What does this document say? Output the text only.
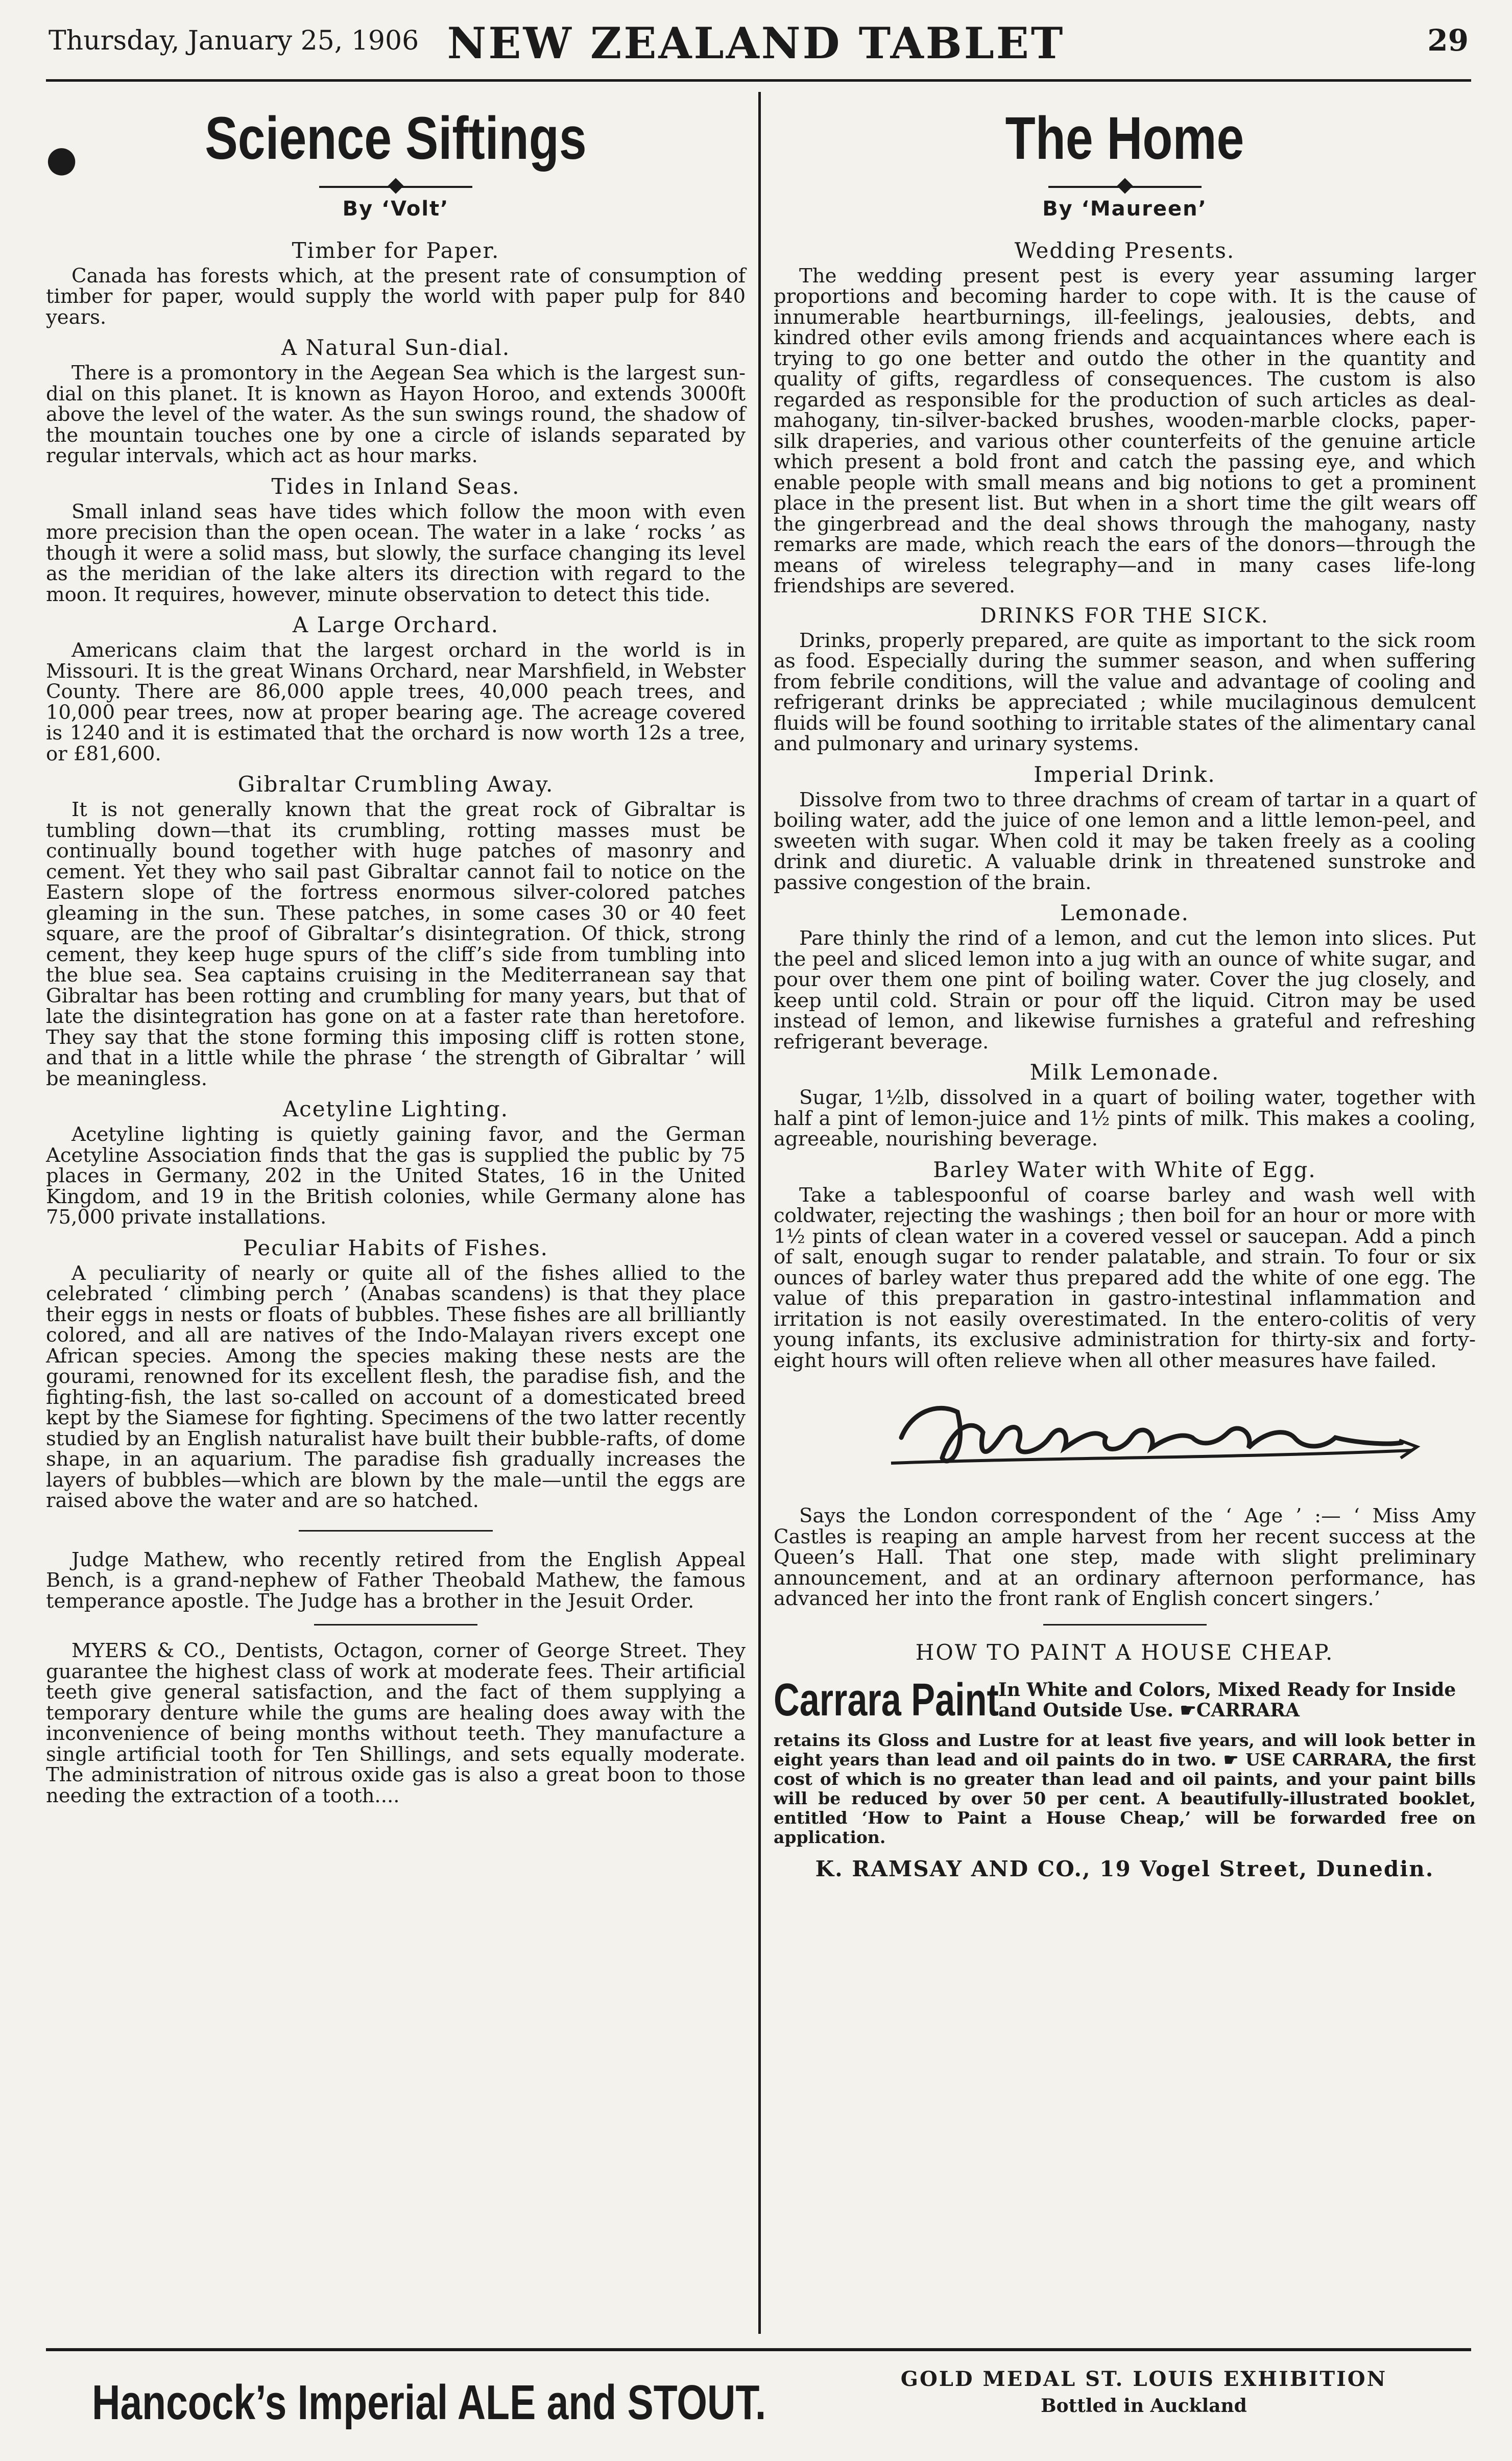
Thursday, January 25, 1906 NEW ZEALAND TABLET	29
●	Science Siftings
By ‘Volt’
Timber for Paper.

Canada has forests which, at the present rate of consumption of timber for paper, would supply the world with paper pulp for 840 years.

A Natural Sun-dial.

There is a promontory in the Aegean Sea which is the largest sun-dial on this planet. It is known as Hayon Horoo, and extends 3000ft above the level of the water. As the sun swings round, the shadow of the mountain touches one by one a circle of islands separated by regular intervals, which act as hour marks.

Tides in Inland Seas.

Small inland seas have tides which follow the moon with even more precision than the open ocean. The water in a lake ‘ rocks ’ as though it were a solid mass, but slowly, the surface changing its level as the meridian of the lake alters its direction with regard to the moon. It requires, however, minute observation to detect this tide.

A Large Orchard.

Americans claim that the largest orchard in the world is in Missouri. It is the great Winans Orchard, near Marshfield, in Webster County. There are 86,000 apple trees, 40,000 peach trees, and 10,000 pear trees, now at proper bearing age. The acreage covered is 1240 and it is estimated that the orchard is now worth 12s a tree, or £81,600.

Gibraltar Crumbling Away.

It is not generally known that the great rock of Gibraltar is tumbling down—that its crumbling, rotting masses must be continually bound together with huge patches of masonry and cement. Yet they who sail past Gibraltar cannot fail to notice on the Eastern slope of the fortress enormous silver-colored patches gleaming in the sun. These patches, in some cases 30 or 40 feet square, are the proof of Gibraltar’s disintegration. Of thick, strong cement, they keep huge spurs of the cliff’s side from tumbling into the blue sea. Sea captains cruising in the Mediterranean say that Gibraltar has been rotting and crumbling for many years, but that of late the disintegration has gone on at a faster rate than heretofore. They say that the stone forming this imposing cliff is rotten stone, and that in a little while the phrase ‘ the strength of Gibraltar ’ will be meaningless.

Acetyline Lighting.

Acetyline lighting is quietly gaining favor, and the German Acetyline Association finds that the gas is supplied the public by 75 places in Germany, 202 in the United States, 16 in the United Kingdom, and 19 in the British colonies, while Germany alone has 75,000 private installations.

Peculiar Habits of Fishes.

A peculiarity of nearly or quite all of the fishes allied to the celebrated ‘ climbing perch ’ (Anabas scandens) is that they place their eggs in nests or floats of bubbles. These fishes are all brilliantly colored, and all are natives of the Indo-Malayan rivers except one African species. Among the species making these nests are the gourami, renowned for its excellent flesh, the paradise fish, and the fighting-fish, the last so-called on account of a domesticated breed kept by the Siamese for fighting. Specimens of the two latter recently studied by an English naturalist have built their bubble-rafts, of dome shape, in an aquarium. The paradise fish gradually increases the layers of bubbles—which are blown by the male—until the eggs are raised above the water and are so hatched.

Judge Mathew, who recently retired from the English Appeal Bench, is a grand-nephew of Father Theobald Mathew, the famous temperance apostle. The Judge has a brother in the Jesuit Order.

MYERS & CO., Dentists, Octagon, corner of George Street. They guarantee the highest class of work at moderate fees. Their artificial teeth give general satisfaction, and the fact of them supplying a temporary denture while the gums are healing does away with the inconvenience of being months without teeth. They manufacture a single artificial tooth for Ten Shillings, and sets equally moderate. The administration of nitrous oxide gas is also a great boon to those needing the extraction of a tooth....

The Home
By ‘Maureen’
Wedding Presents.

The wedding present pest is every year assuming larger proportions and becoming harder to cope with. It is the cause of innumerable heartburnings, ill-feelings, jealousies, debts, and kindred other evils among friends and acquaintances where each is trying to go one better and outdo the other in the quantity and quality of gifts, regardless of consequences. The custom is also regarded as responsible for the production of such articles as deal-mahogany, tin-silver-backed brushes, wooden-marble clocks, paper-silk draperies, and various other counterfeits of the genuine article which present a bold front and catch the passing eye, and which enable people with small means and big notions to get a prominent place in the present list. But when in a short time the gilt wears off the gingerbread and the deal shows through the mahogany, nasty remarks are made, which reach the ears of the donors—through the means of wireless telegraphy—and in many cases life-long friendships are severed.

DRINKS FOR THE SICK.

Drinks, properly prepared, are quite as important to the sick room as food. Especially during the summer season, and when suffering from febrile conditions, will the value and advantage of cooling and refrigerant drinks be appreciated ; while mucilaginous demulcent fluids will be found soothing to irritable states of the alimentary canal and pulmonary and urinary systems.

Imperial Drink.

Dissolve from two to three drachms of cream of tartar in a quart of boiling water, add the juice of one lemon and a little lemon-peel, and sweeten with sugar. When cold it may be taken freely as a cooling drink and diuretic. A valuable drink in threatened sunstroke and passive congestion of the brain.

Lemonade.

Pare thinly the rind of a lemon, and cut the lemon into slices. Put the peel and sliced lemon into a jug with an ounce of white sugar, and pour over them one pint of boiling water. Cover the jug closely, and keep until cold. Strain or pour off the liquid. Citron may be used instead of lemon, and likewise furnishes a grateful and refreshing refrigerant beverage.

Milk Lemonade.

Sugar, 1½lb, dissolved in a quart of boiling water, together with half a pint of lemon-juice and 1½ pints of milk. This makes a cooling, agreeable, nourishing beverage.

Barley Water with White of Egg.

Take a tablespoonful of coarse barley and wash well with coldwater, rejecting the washings ; then boil for an hour or more with 1½ pints of clean water in a covered vessel or saucepan. Add a pinch of salt, enough sugar to render palatable, and strain. To four or six ounces of barley water thus prepared add the white of one egg. The value of this preparation in gastro-intestinal inflammation and irritation is not easily overestimated. In the entero-colitis of very young infants, its exclusive administration for thirty-six and forty-eight hours will often relieve when all other measures have failed.

Says the London correspondent of the ‘ Age ’ :— ‘ Miss Amy Castles is reaping an ample harvest from her recent success at the Queen’s Hall. That one step, made with slight preliminary announcement, and at an ordinary afternoon performance, has advanced her into the front rank of English concert singers.’

HOW TO PAINT A HOUSE CHEAP.
Carrara Paint In White and Colors, Mixed Ready for Inside and Outside Use. ☛CARRARA
retains its Gloss and Lustre for at least five years, and will look better in eight years than lead and oil paints do in two. ☛ USE CARRARA, the first cost of which is no greater than lead and oil paints, and your paint bills will be reduced by over 50 per cent. A beautifully-illustrated booklet, entitled ‘How to Paint a House Cheap,’ will be forwarded free on application.
K. RAMSAY AND CO., 19 Vogel Street, Dunedin.
Hancock’s Imperial ALE and STOUT.	GOLD MEDAL ST. LOUIS EXHIBITION
Bottled in Auckland
